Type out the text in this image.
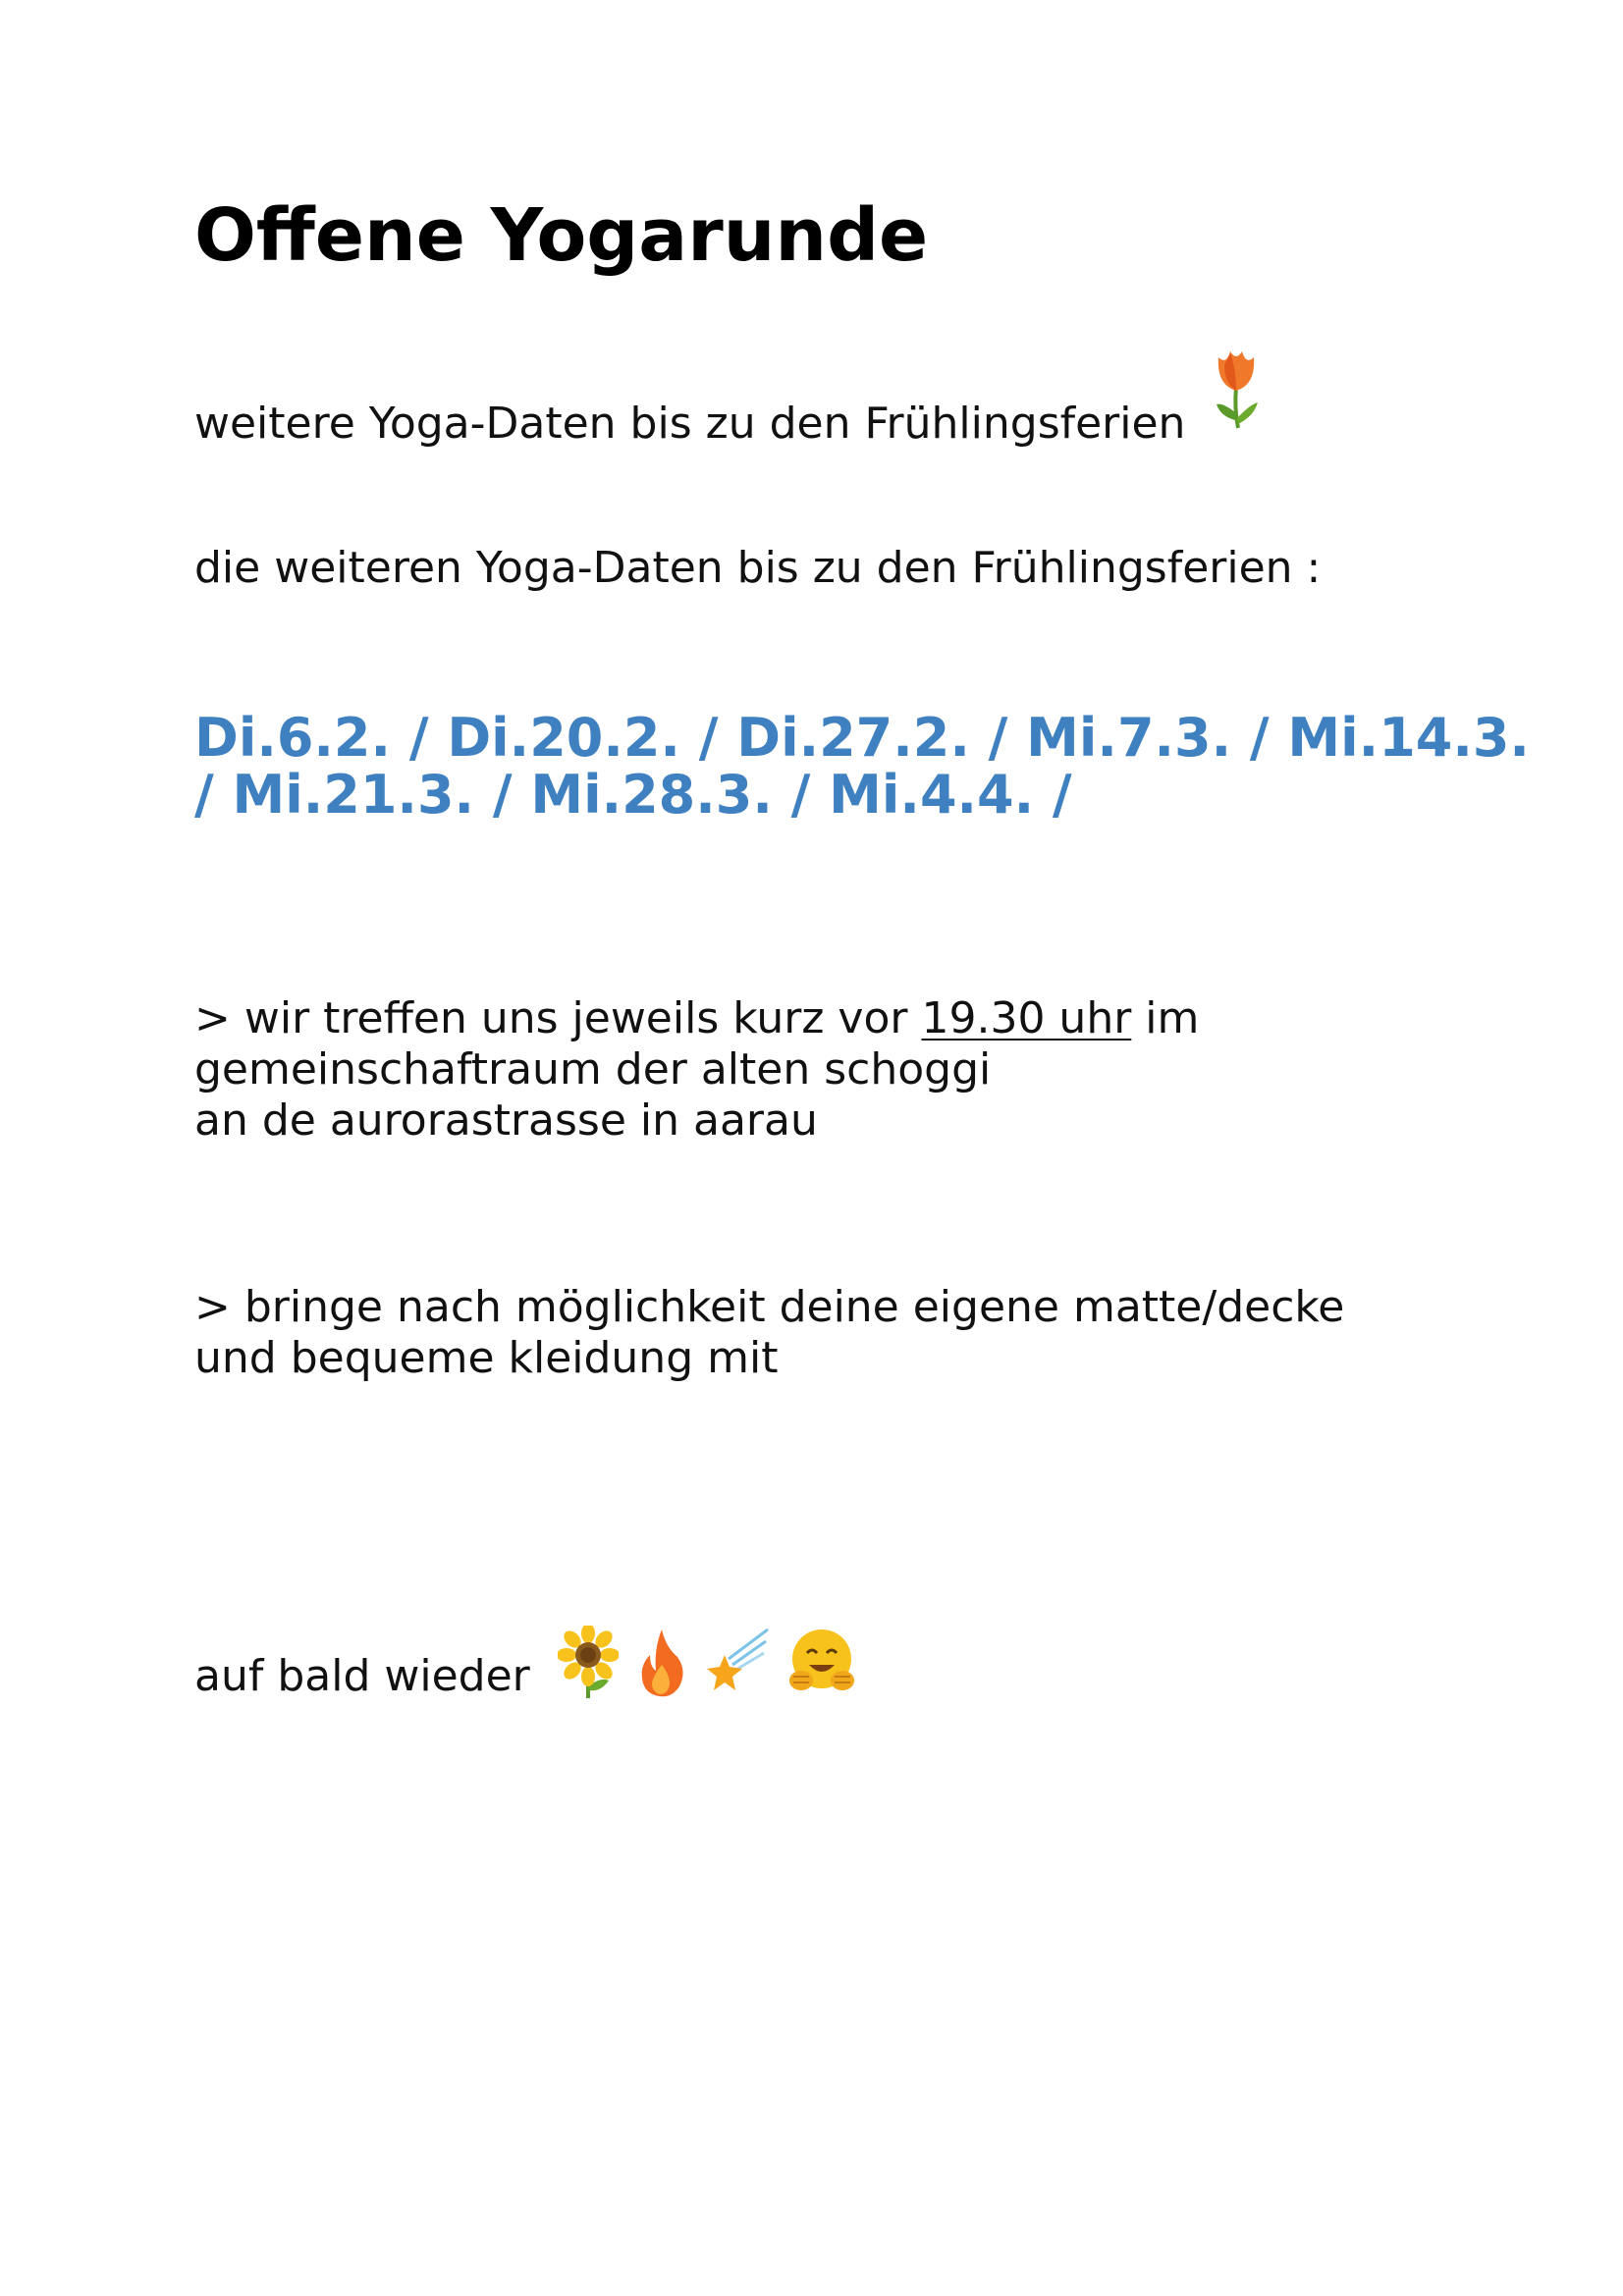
Offene Yogarunde
weitere Yoga-Daten bis zu den Frühlingsferien
die weiteren Yoga-Daten bis zu den Frühlingsferien :
Di.6.2. / Di.20.2. / Di.27.2. / Mi.7.3. / Mi.14.3.
/ Mi.21.3. / Mi.28.3. / Mi.4.4. /
> wir treffen uns jeweils kurz vor 19.30 uhr im
gemeinschaftraum der alten schoggi
an de aurorastrasse in aarau
> bringe nach möglichkeit deine eigene matte/decke
und bequeme kleidung mit
auf bald wieder
